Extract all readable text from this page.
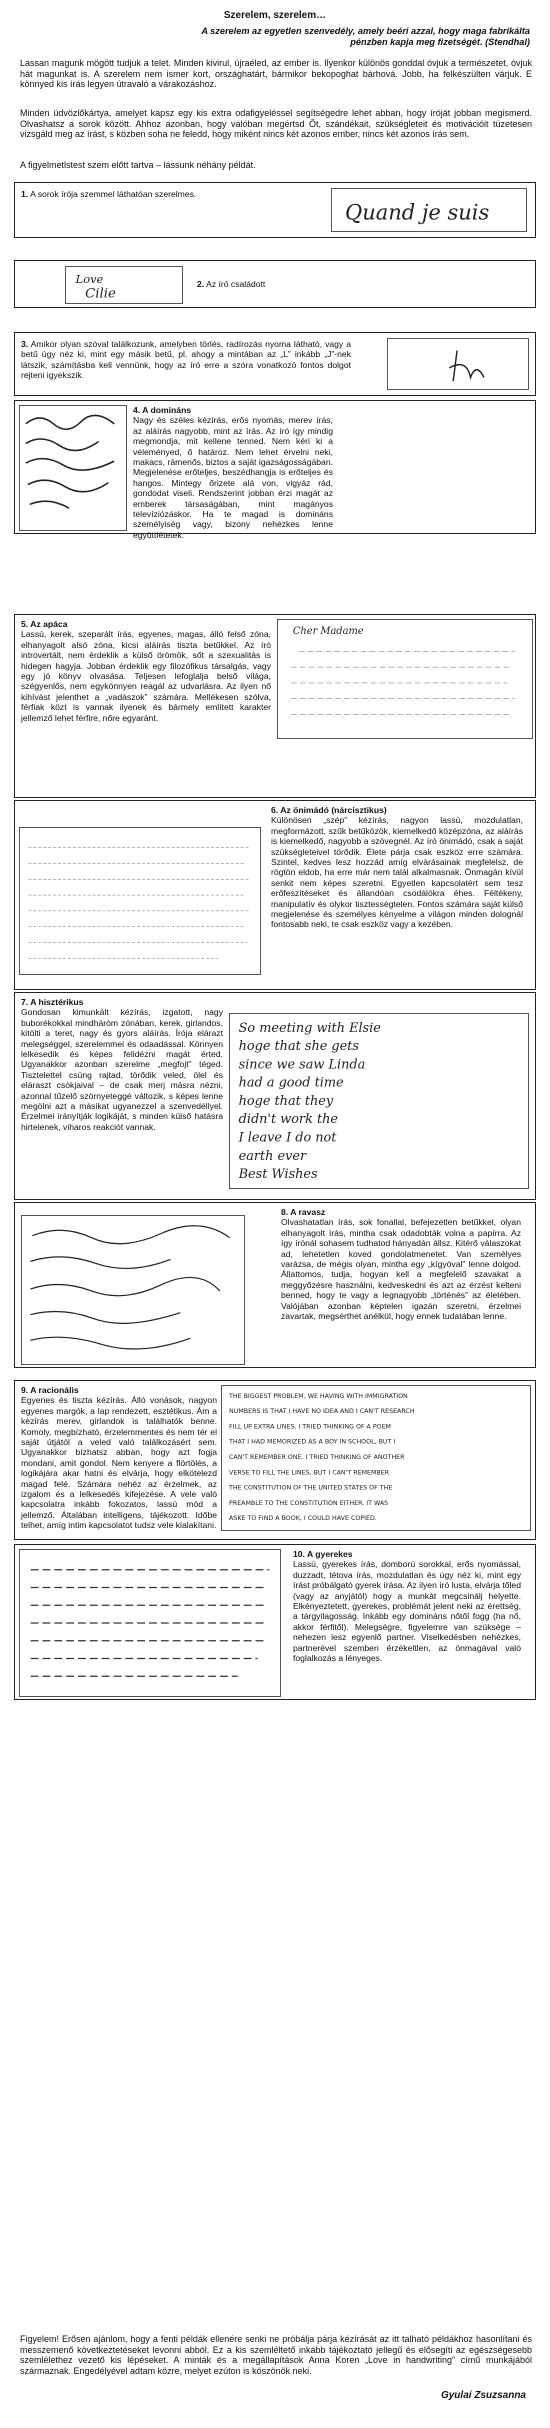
Szerelem, szerelem…
A szerelem az egyetlen szenvedély, amely beéri azzal, hogy maga fabrikálta pénzben kapja meg fizetségét. (Stendhal)

Lassan magunk mögött tudjuk a telet. Minden kivirul, újraéled, az ember is. Ilyenkor különös gonddal óvjuk a természetet, óvjuk hát magunkat is. A szerelem nem ismer kort, országhatárt, bármikor bekopoghat bárhová. Jobb, ha felkészülten várjuk. E könnyed kis írás legyen útravaló a várakozáshoz.

Minden üdvözlőkártya, amelyet kapsz egy kis extra odafigyeléssel segítségedre lehet abban, hogy íróját jobban megismerd. Olvashatsz a sorok között. Ahhoz azonban, hogy valóban megértsd Őt, szándékait, szükségleteit és motivációit tüzetesen vizsgáld meg az írást, s közben soha ne feledd, hogy miként nincs két azonos ember, nincs két azonos írás sem.

A figyelmetlstest szem előtt tartva – lássunk néhány példát.

1. A sorok írója szemmel láthatóan szerelmes.
Quand je suis
Love
Cilie
2. Az író családott
3. Amikor olyan szóval találkozunk, amelyben törlés, radírozás nyoma látható, vagy a betű úgy néz ki, mint egy másik betű, pl. ahogy a mintában az „L” inkább „J”-nek látszik, számításba kell vennünk, hogy az író erre a szóra vonatkozó fontos dolgot rejteni igyekszik.
4. A domináns
Nagy és széles kézírás, erős nyomás, merev írás, az aláírás nagyobb, mint az írás. Az író így mindig megmondja, mit kellene tenned. Nem kéri ki a véleményed, ő határoz. Nem lehet érvelni neki, makacs, rámenős, biztos a saját igazságosságában. Megjelenése erőteljes, beszédhangja is erőteljes és hangos. Mintegy őrizete alá von, vigyáz rád, gondodat viseli. Rendszerint jobban érzi magát az emberek társaságában, mint magányos televíziózáskor. Ha te magad is domináns személyiség vagy, bizony nehézkes lenne együttlétetek.
5. Az apáca
Lassú, kerek, szeparált írás, egyenes, magas, álló felső zóna, elhanyagolt alsó zóna, kicsi aláírás tiszta betűkkel. Az író introvertált, nem érdeklik a külső örömök, sőt a szexualitás is hidegen hagyja. Jobban érdeklik egy filozófikus társalgás, vagy egy jó könyv olvasása. Teljesen lefoglalja belső világa, szégyenlős, nem egykönnyen reagál az udvarlásra. Az ilyen nő kihívást jelenthet a „vadászok” számára. Mellékesen szólva, férfiak közt is vannak ilyenek és bármely említett karakter jellemző lehet férfire, nőre egyaránt.
Cher Madame
6. Az önimádó (nárcisztikus)
Különösen „szép” kézírás, nagyon lassú, mozdulatlan, megformázott, szűk betűközök, kiemelkedő középzóna, az aláírás is kiemelkedő, nagyobb a szövegnél. Az író önimádó, csak a saját szükségleteivel törődik. Élete párja csak eszköz erre számára. Szintel, kedves lesz hozzád amíg elvárásainak megfelelsz, de rögtön eldob, ha erre már nem talál alkalmasnak. Önmagán kívül senkit nem képes szeretni. Egyetlen kapcsolatért sem tesz erőfeszítéseket és állandóan csodálókra éhes. Féltékeny, manipulatív és olykor tisztességtelen. Fontos számára saját külső megjelenése és személyes kényelme a világon minden dolognál fontosabb neki, te csak eszköz vagy a kezében.
7. A hisztérikus
Gondosan kimunkált kézírás, izgatott, nagy buborékokkal mindháróm zónában, kerek, girlandos, kitölti a teret, nagy és gyors aláírás. Írója elárazt melegséggel, szerelemmel és odaadással. Könnyen lelkesedik és képes felidézni magát érted. Ugyanakkor azonban szerelme „megfojt” téged. Tisztelettel csúng rajtad, törődik veled, ölel és eláraszt csókjaival – de csak merj másra nézni, azonnal tűzelő szörnyeteggé változik, s képes lenne megölni azt a másikat ugyanezzel a szenvedéllyel. Érzelmei irányítják logikáját, s minden külső hatásra hirtelenek, viharos reakciót vannak.
So meeting with Elsie
hoge that she gets
since we saw Linda
had a good time
hoge that they
didn't work the
I leave I do not
earth ever
Best Wishes
8. A ravasz
Olvashatatlan írás, sok fonallal, befejezetlen betűkkel, olyan elhanyagolt írás, mintha csak odadobták volna a papírra. Az így írónál sohasem tudhatod hányadán állsz. Kitérő válaszokat ad, lehetetlen koved gondolatmenetet. Van személyes varázsa, de mégis olyan, mintha egy „kígyóval” lenne dolgod. Állattomos, tudja, hogyan kell a megfelelő szavakat a meggyőzésre használni, kedveskedni és azt az érzést kelteni benned, hogy te vagy a legnagyobb „történés” az életében. Valójában azonban képtelen igazán szeretni, érzelmei zavartak, megsérthet anélkül, hogy ennek tudatában lenne.
9. A racionális
Egyenes és tiszta kézírás. Álló vonások, nagyon egyenes margók, a lap rendezett, esztétikus. Ám a kézírás merev, girlandok is találhatók benne. Komoly, megbízható, érzelemmentes és nem tér el saját útjától a veled való találkozásért sem. Ugyanakkor bízhatsz abban, hogy azt fogja mondani, amit gondol. Nem kenyere a flörtölés, a logikájára akar hatni és elvárja, hogy elkötelezd magad felé. Számára nehéz az érzelmek, az izgalom és a lelkesedés kifejezése. A vele való kapcsolatra inkább fokozatos, lassú mód a jellemző. Általában intelligens, tájékozott. Időbe telhet, amíg intim kapcsolatot tudsz vele kialakítani.
THE BIGGEST PROBLEM, WE HAVING WITH IMMIGRATION
NUMBERS IS THAT I HAVE NO IDEA AND I CAN'T RESEARCH
FILL UP EXTRA LINES. I TRIED THINKING OF A POEM
THAT I HAD MEMORIZED AS A BOY IN SCHOOL, BUT I
CAN'T REMEMBER ONE. I TRIED THINKING OF ANOTHER
VERSE TO FILL THE LINES, BUT I CAN'T REMEMBER
THE CONSTITUTION OF THE UNITED STATES OF THE
PREAMBLE TO THE CONSTITUTION EITHER. IT WAS
ASKE TO FIND A BOOK, I COULD HAVE COPIED.
10. A gyerekes
Lassú, gyerekes írás, domború sorokkal, erős nyomással, duzzadt, tétova írás, mozdulatlan és úgy néz ki, mint egy írást próbálgató gyerek írása. Az ilyen író lusta, elvárja tőled (vagy az anyjától) hogy a munkát megcsinálj helyette. Elkényeztetett, gyerekes, problémát jelent neki az érettség, a tárgyilagosság. Inkább egy domináns nőtől fogg (ha nő, akkor férfitől). Melegségre, figyelemre van szüksége – nehezen lesz egyenlő partner. Viselkedésben nehézkes, partnerével szemben érzékeltlen, az önmagával való foglalkozás a lényeges.

Figyelem! Erősen ajánlom, hogy a fenti példák ellenére senki ne próbálja párja kézírását az itt talható példákhoz hasonlítani és messzemenő következtetéseket levonni abból. Ez a kis szemléltető inkább tájékoztató jellegű és elősegíti az egészségesebb szemlélethez vezető kis lépéseket. A minták és a megállapítások Anna Koren „Love in handwriting” című munkájából származnak. Engedélyével adtam közre, melyet ezúton is köszönök neki.

Gyulai Zsuzsanna
